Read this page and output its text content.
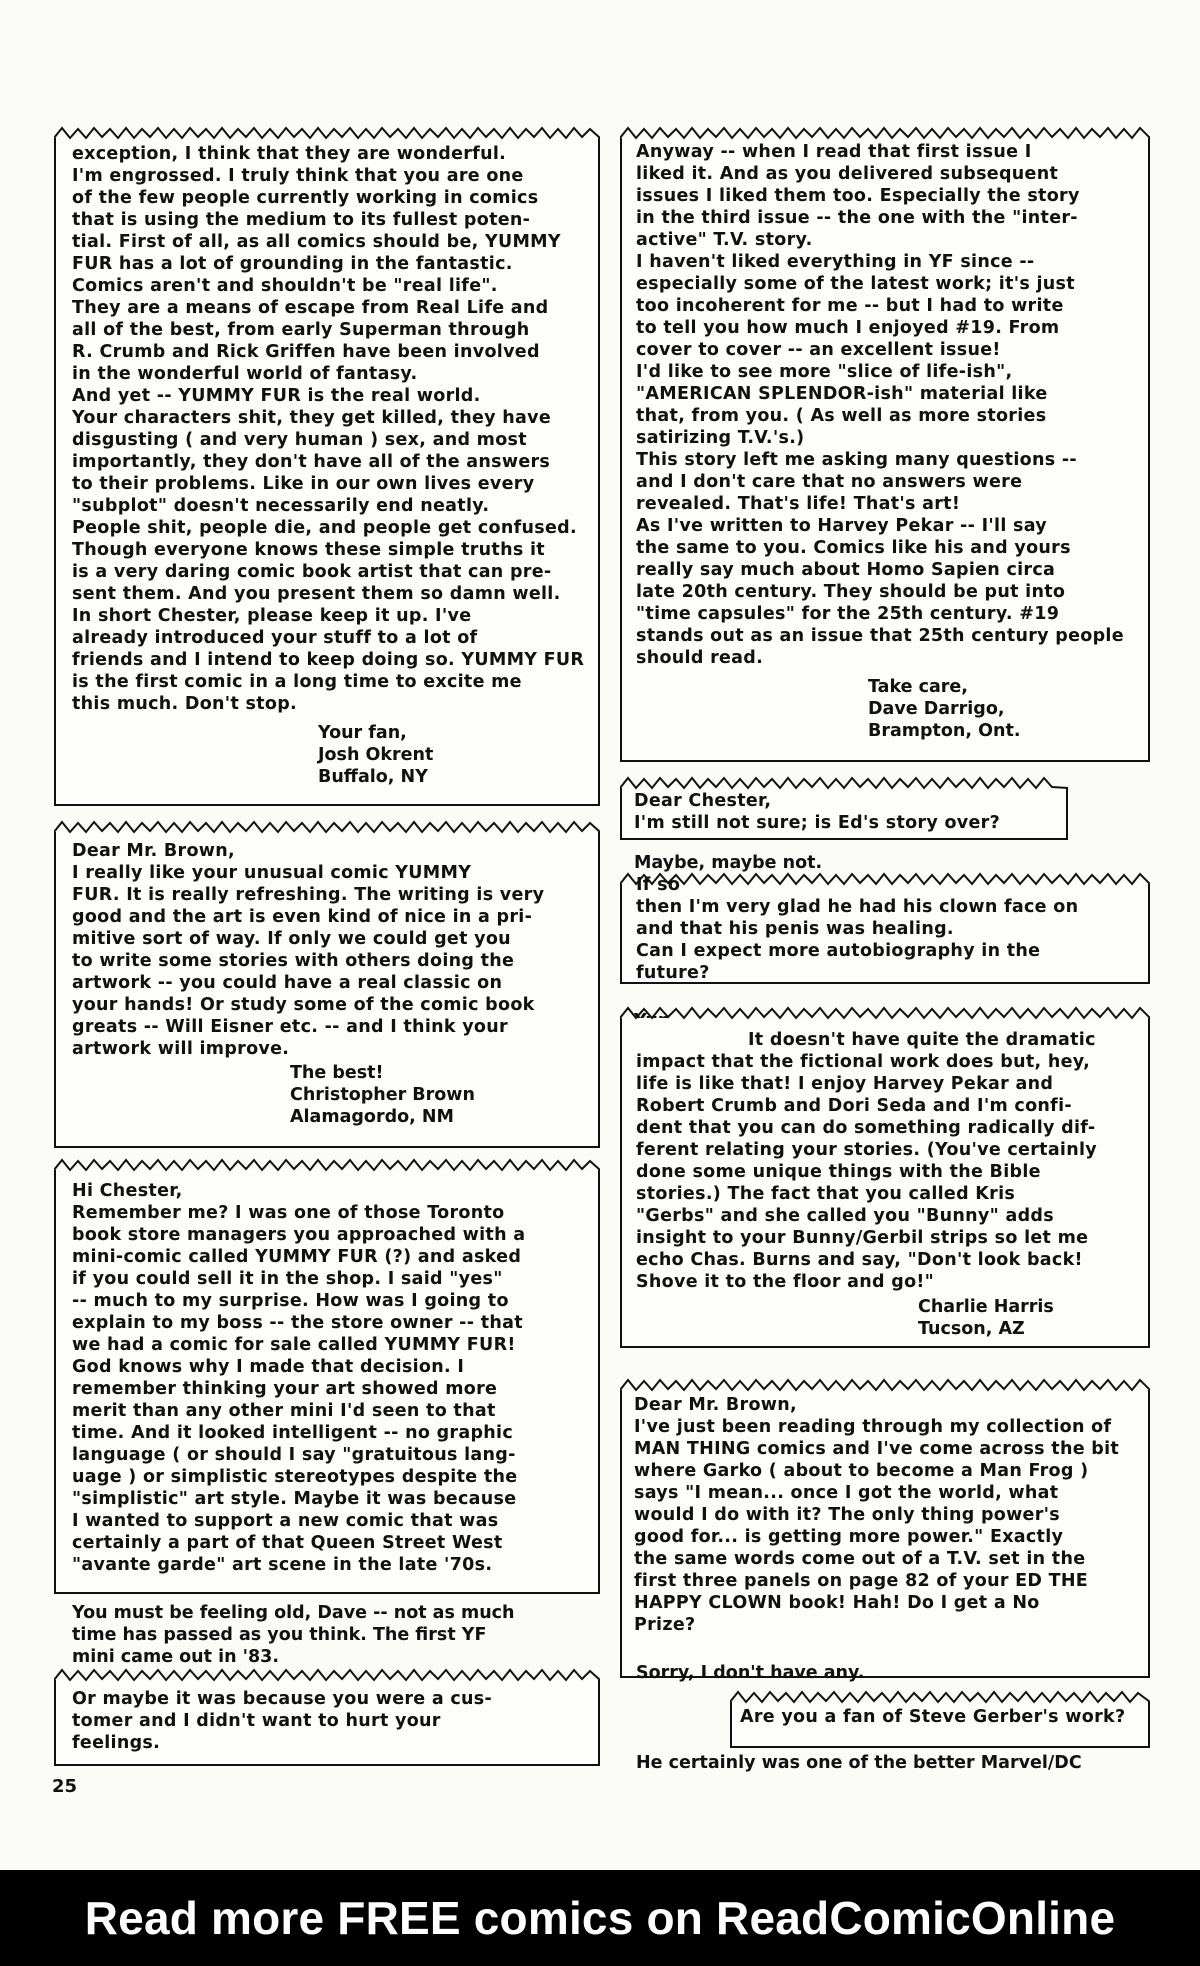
exception, I think that they are wonderful.
I'm engrossed. I truly think that you are one
of the few people currently working in comics
that is using the medium to its fullest poten-
tial. First of all, as all comics should be, YUMMY
FUR has a lot of grounding in the fantastic.
Comics aren't and shouldn't be "real life".
They are a means of escape from Real Life and
all of the best, from early Superman through
R. Crumb and Rick Griffen have been involved
in the wonderful world of fantasy.
And yet -- YUMMY FUR is the real world.
Your characters shit, they get killed, they have
disgusting ( and very human ) sex, and most
importantly, they don't have all of the answers
to their problems. Like in our own lives every
"subplot" doesn't necessarily end neatly.
People shit, people die, and people get confused.
Though everyone knows these simple truths it
is a very daring comic book artist that can pre-
sent them. And you present them so damn well.
In short Chester, please keep it up. I've
already introduced your stuff to a lot of
friends and I intend to keep doing so. YUMMY FUR
is the first comic in a long time to excite me
this much. Don't stop.
Your fan,
Josh Okrent
Buffalo, NY
Dear Mr. Brown,
I really like your unusual comic YUMMY
FUR. It is really refreshing. The writing is very
good and the art is even kind of nice in a pri-
mitive sort of way. If only we could get you
to write some stories with others doing the
artwork -- you could have a real classic on
your hands! Or study some of the comic book
greats -- Will Eisner etc. -- and I think your
artwork will improve.
The best!
Christopher Brown
Alamagordo, NM
Hi Chester,
Remember me? I was one of those Toronto
book store managers you approached with a
mini-comic called YUMMY FUR (?) and asked
if you could sell it in the shop. I said "yes"
-- much to my surprise. How was I going to
explain to my boss -- the store owner -- that
we had a comic for sale called YUMMY FUR!
God knows why I made that decision. I
remember thinking your art showed more
merit than any other mini I'd seen to that
time. And it looked intelligent -- no graphic
language ( or should I say "gratuitous lang-
uage ) or simplistic stereotypes despite the
"simplistic" art style. Maybe it was because
I wanted to support a new comic that was
certainly a part of that Queen Street West
"avante garde" art scene in the late '70s.
You must be feeling old, Dave -- not as much
time has passed as you think. The first YF
mini came out in '83.
Or maybe it was because you were a cus-
tomer and I didn't want to hurt your
feelings.
25
Anyway -- when I read that first issue I
liked it. And as you delivered subsequent
issues I liked them too. Especially the story
in the third issue -- the one with the "inter-
active" T.V. story.
I haven't liked everything in YF since --
especially some of the latest work; it's just
too incoherent for me -- but I had to write
to tell you how much I enjoyed #19. From
cover to cover -- an excellent issue!
I'd like to see more "slice of life-ish",
"AMERICAN SPLENDOR-ish" material like
that, from you. ( As well as more stories
satirizing T.V.'s.)
This story left me asking many questions --
and I don't care that no answers were
revealed. That's life! That's art!
As I've written to Harvey Pekar -- I'll say
the same to you. Comics like his and yours
really say much about Homo Sapien circa
late 20th century. They should be put into
"time capsules" for the 25th century. #19
stands out as an issue that 25th century people
should read.
Take care,
Dave Darrigo,
Brampton, Ont.
Dear Chester,
I'm still not sure; is Ed's story over?
Maybe, maybe not.
If so
then I'm very glad he had his clown face on
and that his penis was healing.
Can I expect more autobiography in the
future?
It doesn't have quite the dramatic
impact that the fictional work does but, hey,
life is like that! I enjoy Harvey Pekar and
Robert Crumb and Dori Seda and I'm confi-
dent that you can do something radically dif-
ferent relating your stories. (You've certainly
done some unique things with the Bible
stories.) The fact that you called Kris
"Gerbs" and she called you "Bunny" adds
insight to your Bunny/Gerbil strips so let me
echo Chas. Burns and say, "Don't look back!
Shove it to the floor and go!"
Charlie Harris
Tucson, AZ
Dear Mr. Brown,
I've just been reading through my collection of
MAN THING comics and I've come across the bit
where Garko ( about to become a Man Frog )
says "I mean... once I got the world, what
would I do with it? The only thing power's
good for... is getting more power." Exactly
the same words come out of a T.V. set in the
first three panels on page 82 of your ED THE
HAPPY CLOWN book! Hah! Do I get a No
Prize?
Sorry, I don't have any.
Are you a fan of Steve Gerber's work?
He certainly was one of the better Marvel/DC
Read more FREE comics on ReadComicOnline
